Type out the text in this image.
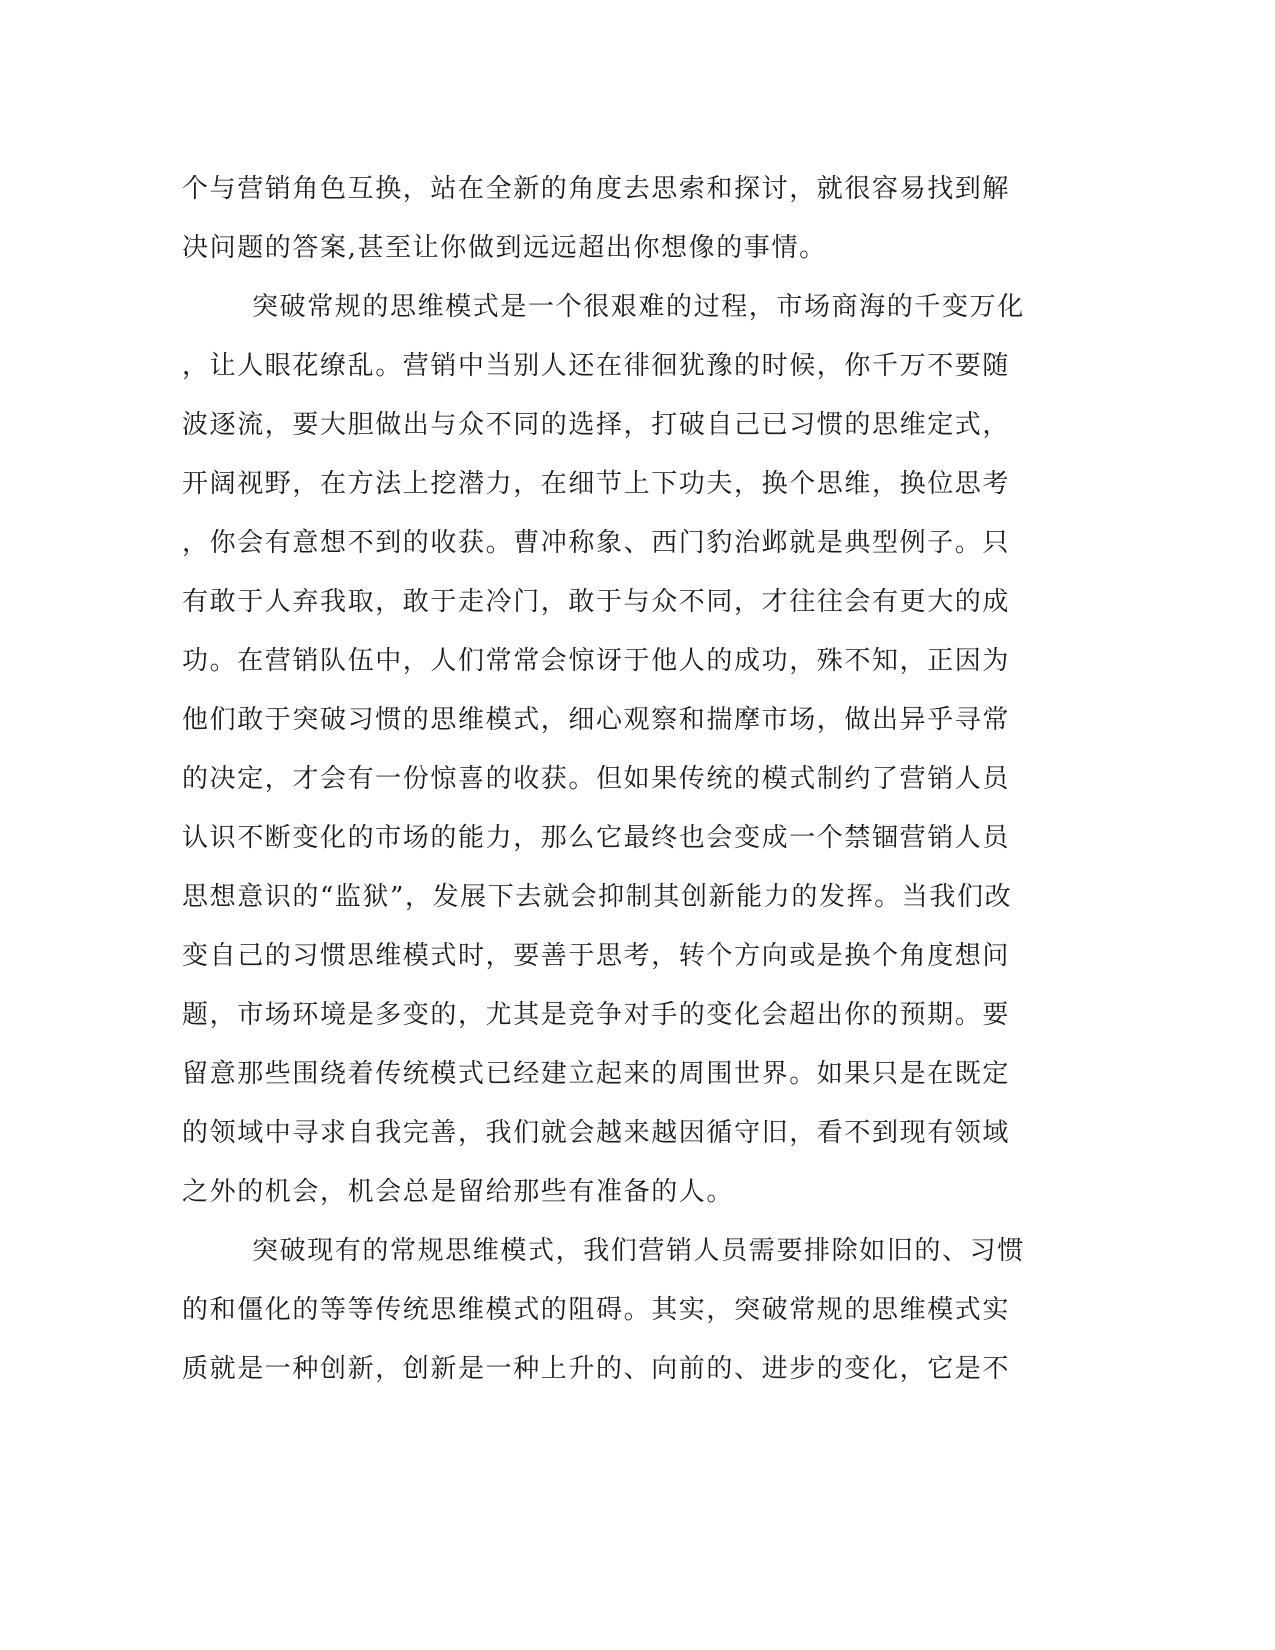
个与营销角色互换，站在全新的角度去思索和探讨，就很容易找到解
决问题的答案,甚至让你做到远远超出你想像的事情。
突破常规的思维模式是一个很艰难的过程，市场商海的千变万化
，让人眼花缭乱。营销中当别人还在徘徊犹豫的时候，你千万不要随
波逐流，要大胆做出与众不同的选择，打破自己已习惯的思维定式，
开阔视野，在方法上挖潜力，在细节上下功夫，换个思维，换位思考
，你会有意想不到的收获。曹冲称象、西门豹治邺就是典型例子。只
有敢于人弃我取，敢于走冷门，敢于与众不同，才往往会有更大的成
功。在营销队伍中，人们常常会惊讶于他人的成功，殊不知，正因为
他们敢于突破习惯的思维模式，细心观察和揣摩市场，做出异乎寻常
的决定，才会有一份惊喜的收获。但如果传统的模式制约了营销人员
认识不断变化的市场的能力，那么它最终也会变成一个禁锢营销人员
思想意识的“监狱”，发展下去就会抑制其创新能力的发挥。当我们改
变自己的习惯思维模式时，要善于思考，转个方向或是换个角度想问
题，市场环境是多变的，尤其是竞争对手的变化会超出你的预期。要
留意那些围绕着传统模式已经建立起来的周围世界。如果只是在既定
的领域中寻求自我完善，我们就会越来越因循守旧，看不到现有领域
之外的机会，机会总是留给那些有准备的人。
突破现有的常规思维模式，我们营销人员需要排除如旧的、习惯
的和僵化的等等传统思维模式的阻碍。其实，突破常规的思维模式实
质就是一种创新，创新是一种上升的、向前的、进步的变化，它是不
